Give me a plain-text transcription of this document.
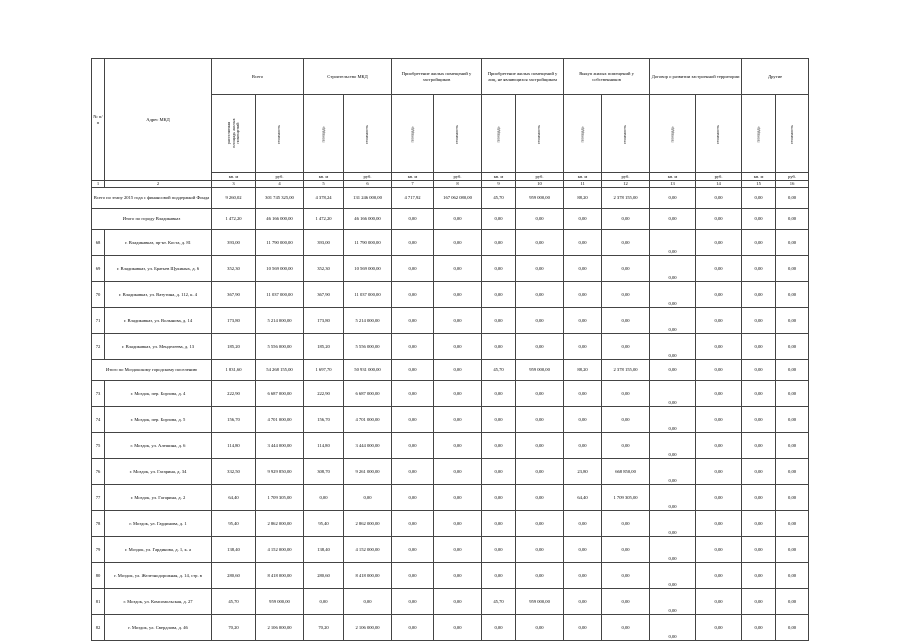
№ п/п	Адрес МКД	Всего		Строительство МКД		Приобретение жилых помещений у застройщиков		Приобретение жилых помещений у лиц, не являющихся застройщиком		Выкуп жилых помещений у собственников		Договор о развитии застроенной территории		Другие		
		расселяемая площадь жилых помещений	стоимость	площадь	стоимость	площадь	стоимость	площадь	стоимость	площадь	стоимость	площадь	стоимость	площадь	стоимость		
		кв. м	руб.	кв. м	руб.	кв. м	руб.	кв. м	руб.	кв. м	руб.	кв. м	руб.	кв. м	руб.	
1	2	3	4	5	6	7	8	9	10	11	12	13	14	15	16	
Всего по этапу 2015 года с финансовой поддержкой Фонда		9 260,02	301 745 325,00	4 378,24	131 246 000,00	4 717,92	167 062 080,00	45,70	959 000,00	88,20	2 378 155,00	0,00	0,00	0,00	0,00	
Итого по городу Владикавказ		1 472,20	46 166 000,00	1 472,20	46 166 000,00	0,00	0,00	0,00	0,00	0,00	0,00	0,00	0,00	0,00	0,00	
68	г. Владикавказ, пр-кт. Коста, д. 81	393,00	11 790 000,00	393,00	11 790 000,00	0,00	0,00	0,00	0,00	0,00	0,00	0,00	0,00	0,00	0,00	
69	г. Владикавказ, ул. Братьев Щукиных, д. 6	352,30	10 569 000,00	352,30	10 569 000,00	0,00	0,00	0,00	0,00	0,00	0,00	0,00	0,00	0,00	0,00	
70	г. Владикавказ, ул. Ватутина, д. 112, к. 4	367,90	11 037 000,00	367,90	11 037 000,00	0,00	0,00	0,00	0,00	0,00	0,00	0,00	0,00	0,00	0,00	
71	г. Владикавказ, ул. Волынова, д. 14	173,80	5 214 000,00	173,80	5 214 000,00	0,00	0,00	0,00	0,00	0,00	0,00	0,00	0,00	0,00	0,00	
72	г. Владикавказ, ул. Менделеева, д. 13	185,20	5 556 000,00	185,20	5 556 000,00	0,00	0,00	0,00	0,00	0,00	0,00	0,00	0,00	0,00	0,00	
Итого по Моздокскому городскому поселению		1 831,60	54 268 155,00	1 697,70	50 931 000,00	0,00	0,00	45,70	959 000,00	88,20	2 378 155,00	0,00	0,00	0,00	0,00	
73	г. Моздок, пер. Борзова, д. 4	222,90	6 687 000,00	222,90	6 687 000,00	0,00	0,00	0,00	0,00	0,00	0,00	0,00	0,00	0,00	0,00	
74	г. Моздок, пер. Борзова, д. 5	156,70	4 701 000,00	156,70	4 701 000,00	0,00	0,00	0,00	0,00	0,00	0,00	0,00	0,00	0,00	0,00	
75	г. Моздок, ул. Алешина, д. 6	114,80	3 444 000,00	114,80	3 444 000,00	0,00	0,00	0,00	0,00	0,00	0,00	0,00	0,00	0,00	0,00	
76	г. Моздок, ул. Гагарина, д. 34	332,50	9 929 850,00	308,70	9 261 000,00	0,00	0,00	0,00	0,00	23,80	668 850,00	0,00	0,00	0,00	0,00	
77	г. Моздок, ул. Гагарина, д. 2	64,40	1 709 305,00	0,00	0,00	0,00	0,00	0,00	0,00	64,40	1 709 305,00	0,00	0,00	0,00	0,00	
78	г. Моздок, ул. Гардинова, д. 1	95,40	2 862 000,00	95,40	2 862 000,00	0,00	0,00	0,00	0,00	0,00	0,00	0,00	0,00	0,00	0,00	
79	г. Моздок, ул. Гардинова, д. 1, к. а	138,40	4 152 000,00	138,40	4 152 000,00	0,00	0,00	0,00	0,00	0,00	0,00	0,00	0,00	0,00	0,00	
80	г. Моздок, ул. Железнодорожная, д. 14, стр. в	280,60	8 418 000,00	280,60	8 418 000,00	0,00	0,00	0,00	0,00	0,00	0,00	0,00	0,00	0,00	0,00	
81	г. Моздок, ул. Комсомольская, д. 27	45,70	959 000,00	0,00	0,00	0,00	0,00	45,70	959 000,00	0,00	0,00	0,00	0,00	0,00	0,00	
82	г. Моздок, ул. Свердлова, д. 46	70,20	2 106 000,00	70,20	2 106 000,00	0,00	0,00	0,00	0,00	0,00	0,00	0,00	0,00	0,00	0,00	
